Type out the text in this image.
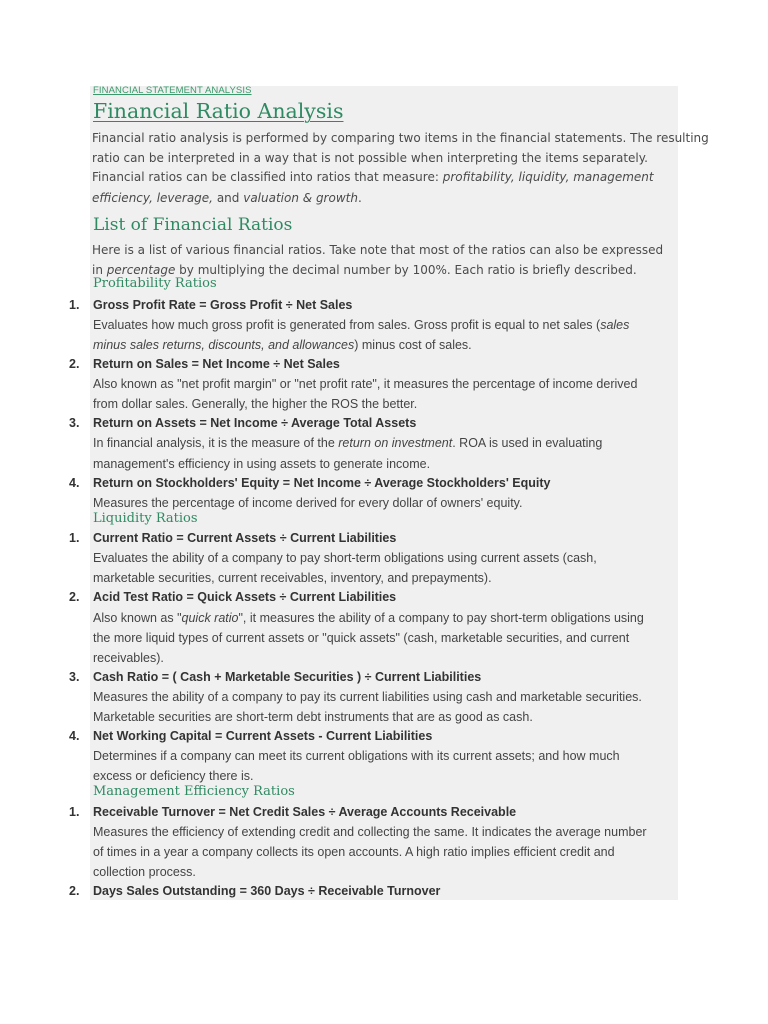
FINANCIAL STATEMENT ANALYSIS
Financial Ratio Analysis
Financial ratio analysis is performed by comparing two items in the financial statements. The resulting
ratio can be interpreted in a way that is not possible when interpreting the items separately.
Financial ratios can be classified into ratios that measure: profitability, liquidity, management
efficiency, leverage, and valuation & growth.
List of Financial Ratios
Here is a list of various financial ratios. Take note that most of the ratios can also be expressed
in percentage by multiplying the decimal number by 100%. Each ratio is briefly described.
Profitability Ratios
1. Gross Profit Rate = Gross Profit ÷ Net Sales
Evaluates how much gross profit is generated from sales. Gross profit is equal to net sales (sales
minus sales returns, discounts, and allowances) minus cost of sales.
2. Return on Sales = Net Income ÷ Net Sales
Also known as "net profit margin" or "net profit rate", it measures the percentage of income derived
from dollar sales. Generally, the higher the ROS the better.
3. Return on Assets = Net Income ÷ Average Total Assets
In financial analysis, it is the measure of the return on investment. ROA is used in evaluating
management's efficiency in using assets to generate income.
4. Return on Stockholders' Equity = Net Income ÷ Average Stockholders' Equity
Measures the percentage of income derived for every dollar of owners' equity.
Liquidity Ratios
1. Current Ratio = Current Assets ÷ Current Liabilities
Evaluates the ability of a company to pay short-term obligations using current assets (cash,
marketable securities, current receivables, inventory, and prepayments).
2. Acid Test Ratio = Quick Assets ÷ Current Liabilities
Also known as "quick ratio", it measures the ability of a company to pay short-term obligations using
the more liquid types of current assets or "quick assets" (cash, marketable securities, and current
receivables).
3. Cash Ratio = ( Cash + Marketable Securities ) ÷ Current Liabilities
Measures the ability of a company to pay its current liabilities using cash and marketable securities.
Marketable securities are short-term debt instruments that are as good as cash.
4. Net Working Capital = Current Assets - Current Liabilities
Determines if a company can meet its current obligations with its current assets; and how much
excess or deficiency there is.
Management Efficiency Ratios
1. Receivable Turnover = Net Credit Sales ÷ Average Accounts Receivable
Measures the efficiency of extending credit and collecting the same. It indicates the average number
of times in a year a company collects its open accounts. A high ratio implies efficient credit and
collection process.
2. Days Sales Outstanding = 360 Days ÷ Receivable Turnover
